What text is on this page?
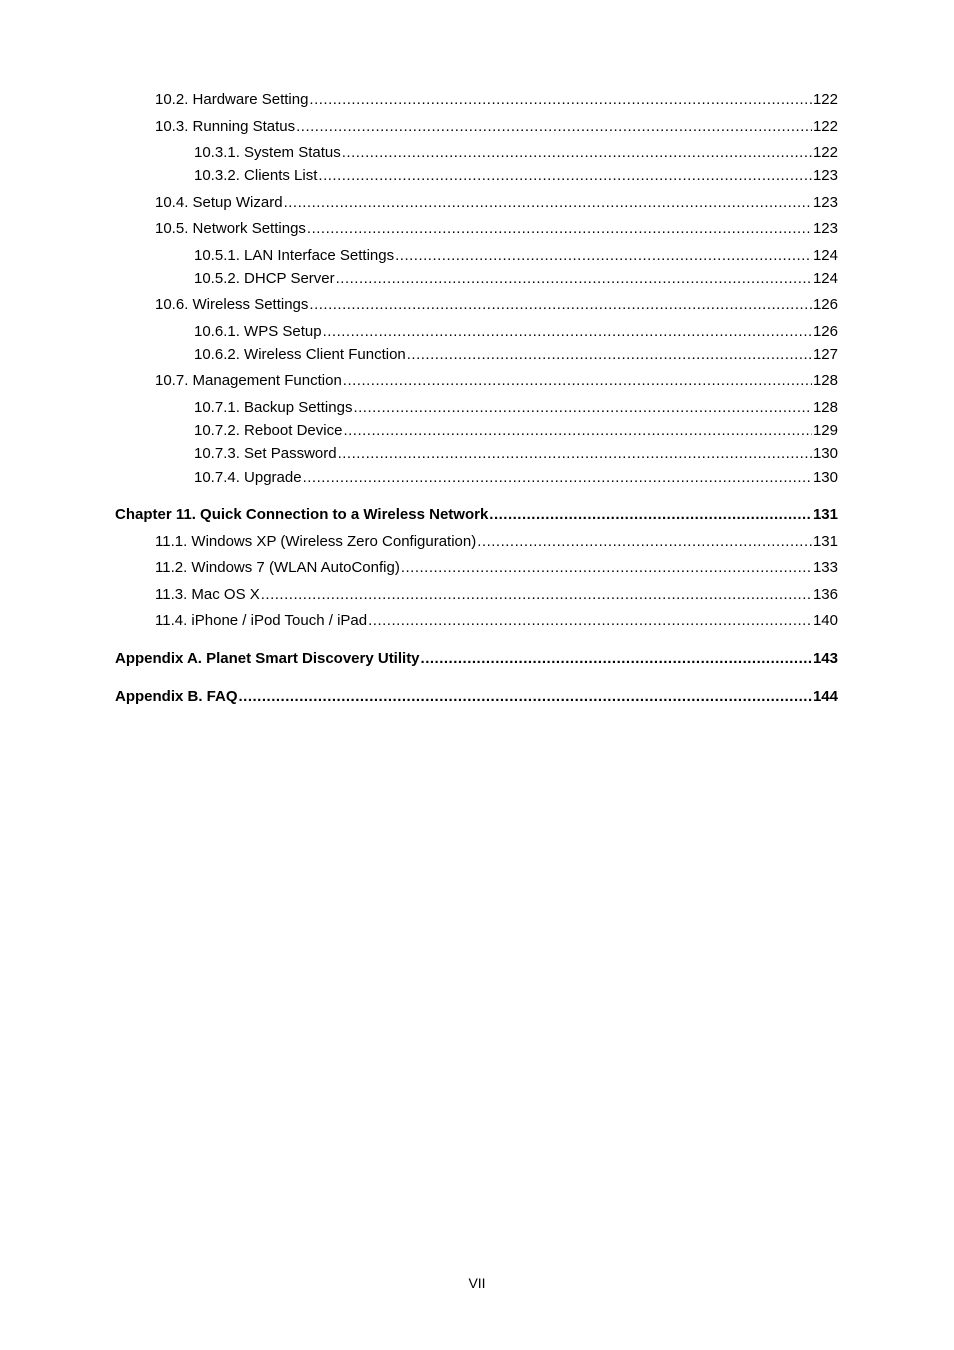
10.2. Hardware Setting .....	122
10.3. Running Status .....	122
10.3.1. System Status .....	122
10.3.2. Clients List .....	123
10.4. Setup Wizard .....	123
10.5. Network Settings .....	123
10.5.1. LAN Interface Settings .....	124
10.5.2. DHCP Server .....	124
10.6. Wireless Settings .....	126
10.6.1. WPS Setup .....	126
10.6.2. Wireless Client Function .....	127
10.7. Management Function .....	128
10.7.1. Backup Settings .....	128
10.7.2. Reboot Device .....	129
10.7.3. Set Password .....	130
10.7.4. Upgrade .....	130
Chapter 11. Quick Connection to a Wireless Network .....	131
11.1. Windows XP (Wireless Zero Configuration) .....	131
11.2. Windows 7 (WLAN AutoConfig) .....	133
11.3. Mac OS X .....	136
11.4. iPhone / iPod Touch / iPad .....	140
Appendix A. Planet Smart Discovery Utility .....	143
Appendix B. FAQ .....	144
VII
